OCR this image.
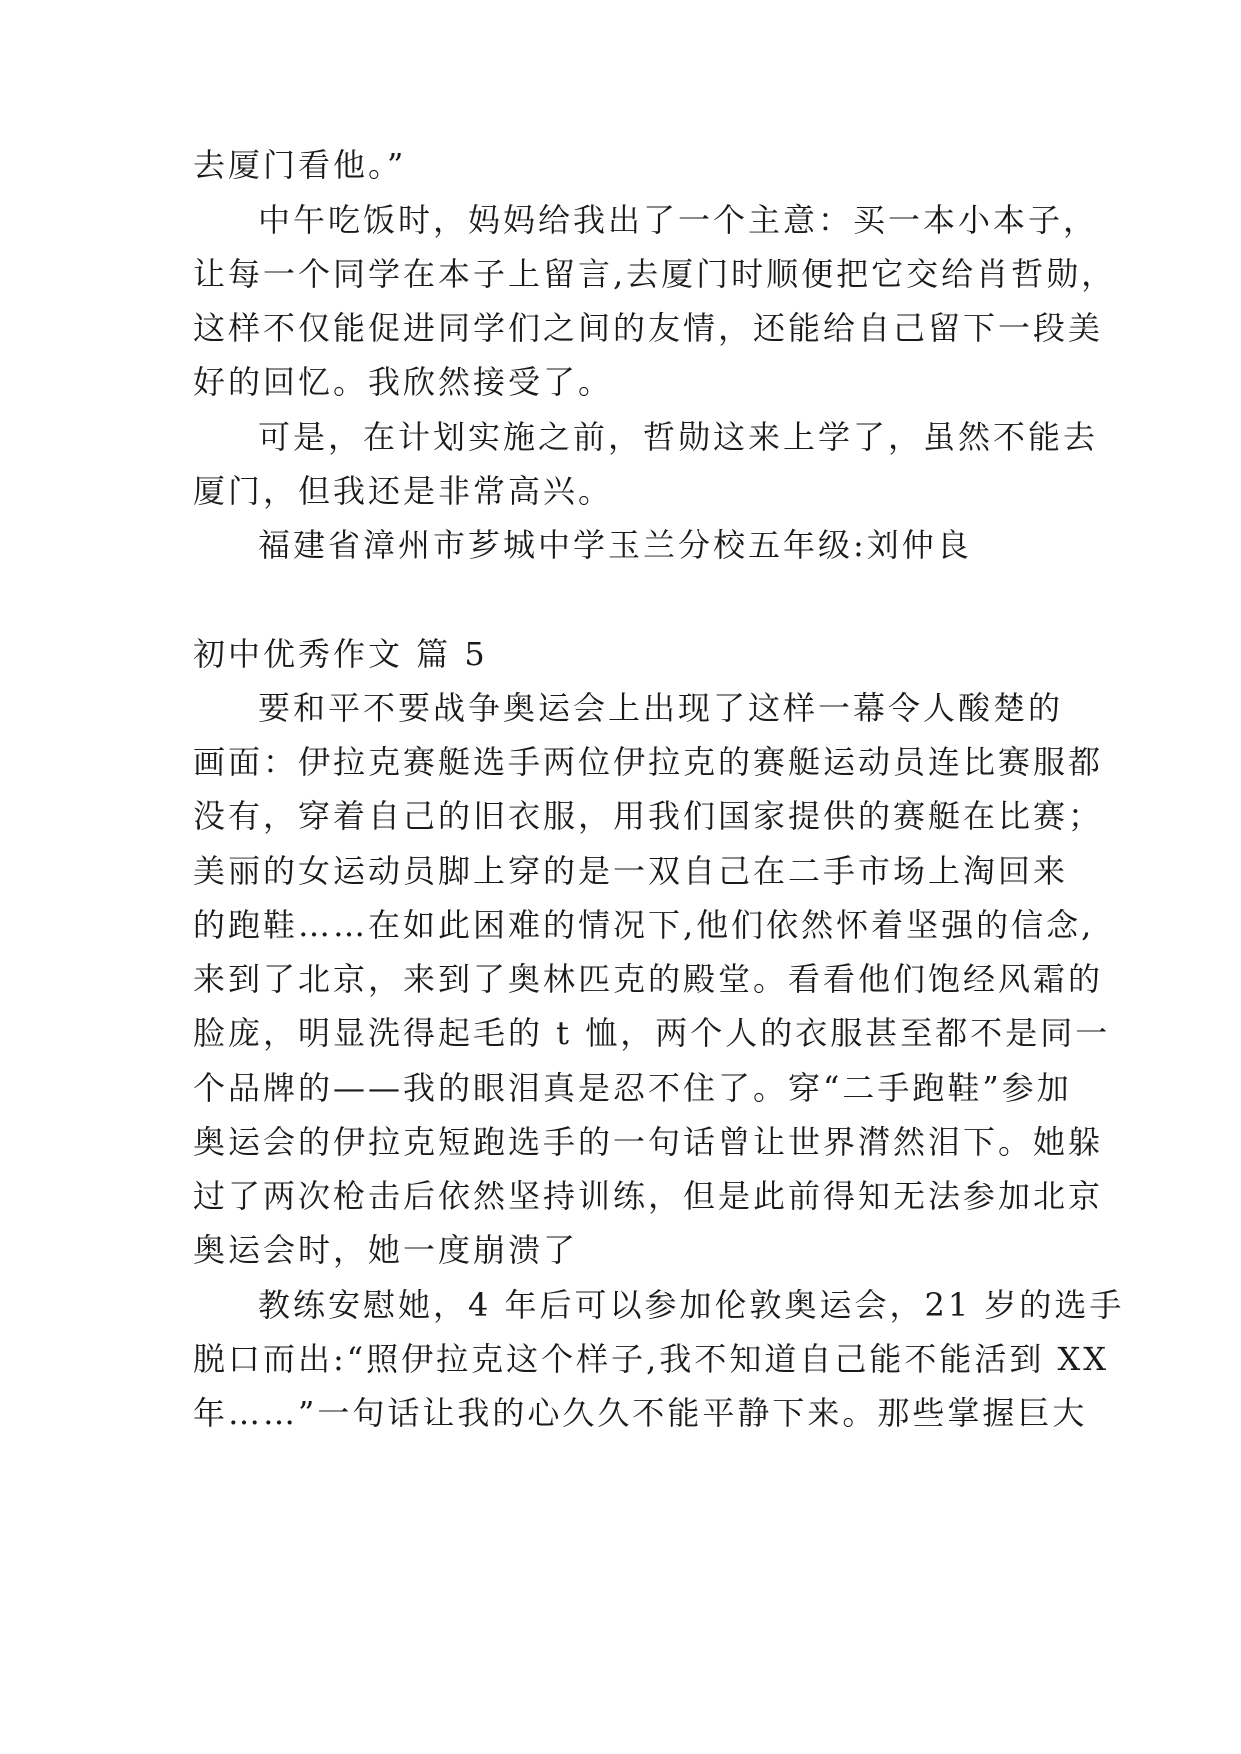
去厦门看他。”
中午吃饭时，妈妈给我出了一个主意：买一本小本子，
让每一个同学在本子上留言,去厦门时顺便把它交给肖哲勋，
这样不仅能促进同学们之间的友情，还能给自己留下一段美
好的回忆。我欣然接受了。
可是，在计划实施之前，哲勋这来上学了，虽然不能去
厦门，但我还是非常高兴。
福建省漳州市芗城中学玉兰分校五年级:刘仲良
初中优秀作文 篇 5
要和平不要战争奥运会上出现了这样一幕令人酸楚的
画面：伊拉克赛艇选手两位伊拉克的赛艇运动员连比赛服都
没有，穿着自己的旧衣服，用我们国家提供的赛艇在比赛；
美丽的女运动员脚上穿的是一双自己在二手市场上淘回来
的跑鞋……在如此困难的情况下,他们依然怀着坚强的信念,
来到了北京，来到了奥林匹克的殿堂。看看他们饱经风霜的
脸庞，明显洗得起毛的 t 恤，两个人的衣服甚至都不是同一
个品牌的——我的眼泪真是忍不住了。穿“二手跑鞋”参加
奥运会的伊拉克短跑选手的一句话曾让世界潸然泪下。她躲
过了两次枪击后依然坚持训练，但是此前得知无法参加北京
奥运会时，她一度崩溃了
教练安慰她，4 年后可以参加伦敦奥运会，21 岁的选手
脱口而出:“照伊拉克这个样子,我不知道自己能不能活到 XX
年……”一句话让我的心久久不能平静下来。那些掌握巨大
